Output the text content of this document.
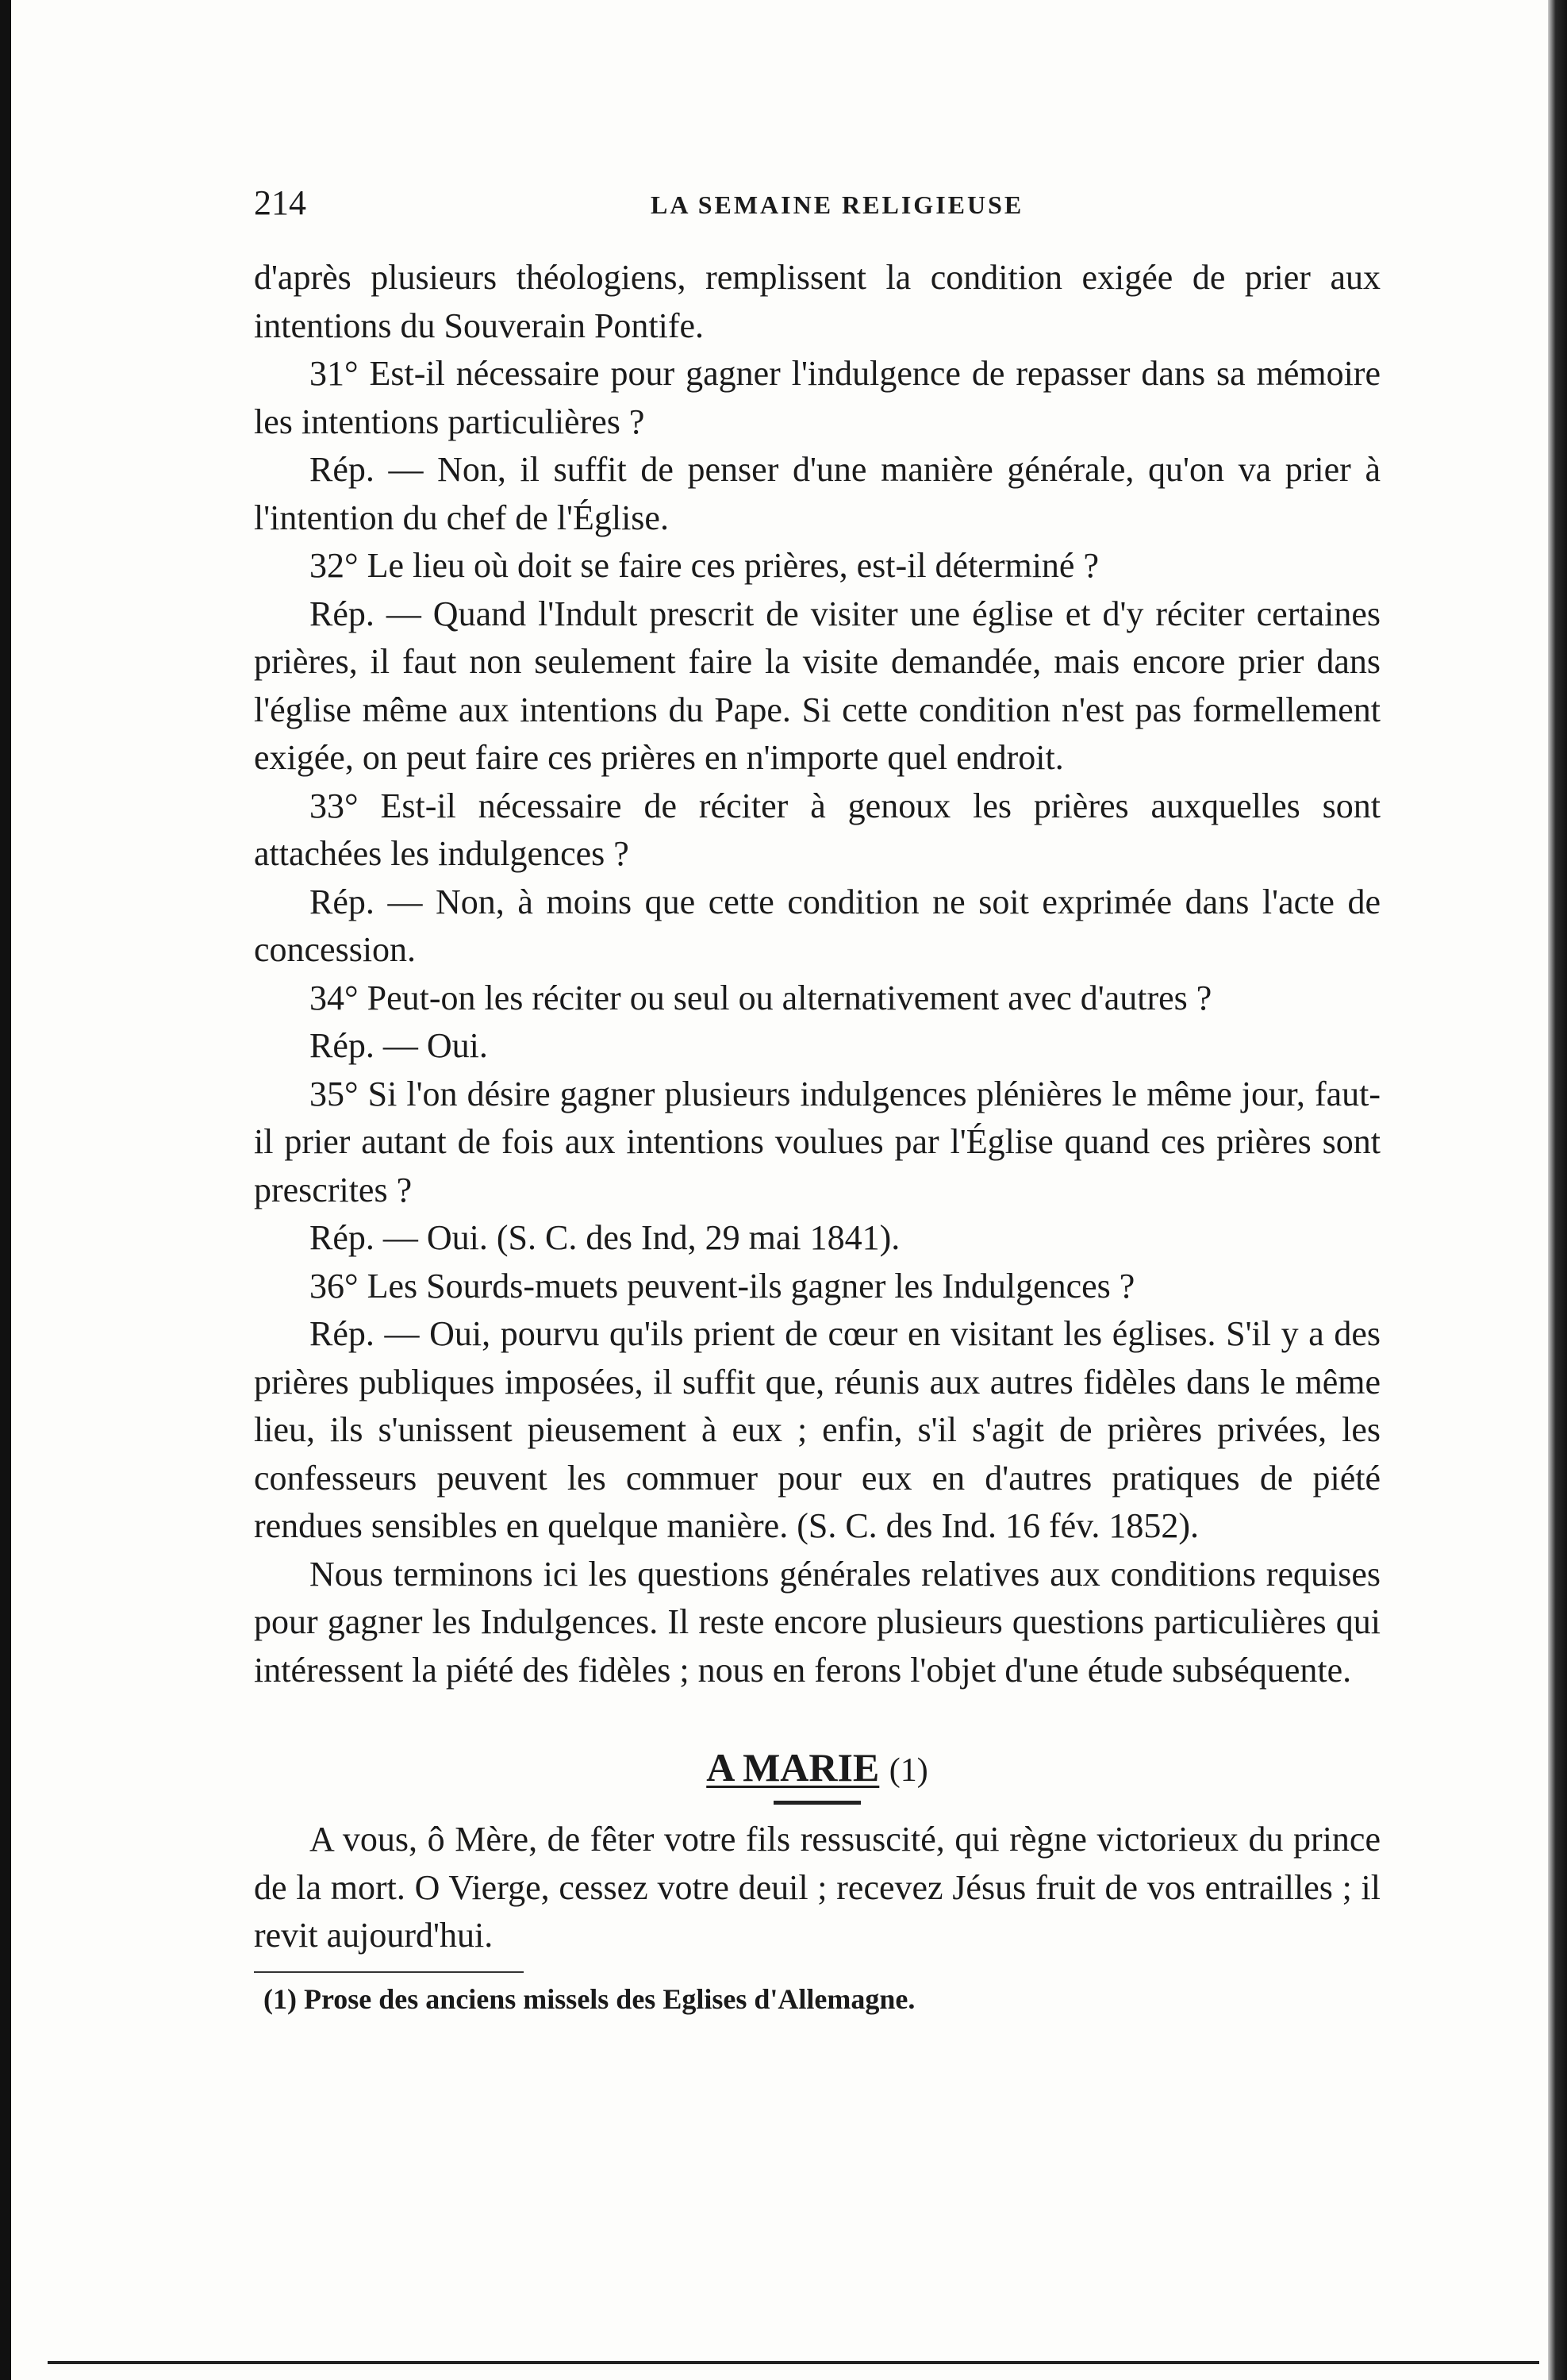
214	LA SEMAINE RELIGIEUSE

d'après plusieurs théologiens, remplissent la condition exigée de prier aux intentions du Souverain Pontife.

31° Est-il nécessaire pour gagner l'indulgence de repasser dans sa mémoire les intentions particulières ?

Rép. — Non, il suffit de penser d'une manière générale, qu'on va prier à l'intention du chef de l'Église.

32° Le lieu où doit se faire ces prières, est-il déterminé ?

Rép. — Quand l'Indult prescrit de visiter une église et d'y réciter certaines prières, il faut non seulement faire la visite demandée, mais encore prier dans l'église même aux intentions du Pape. Si cette condition n'est pas formellement exigée, on peut faire ces prières en n'importe quel endroit.

33° Est-il nécessaire de réciter à genoux les prières auxquelles sont attachées les indulgences ?

Rép. — Non, à moins que cette condition ne soit exprimée dans l'acte de concession.

34° Peut-on les réciter ou seul ou alternativement avec d'autres ?

Rép. — Oui.

35° Si l'on désire gagner plusieurs indulgences plénières le même jour, faut-il prier autant de fois aux intentions voulues par l'Église quand ces prières sont prescrites ?

Rép. — Oui. (S. C. des Ind, 29 mai 1841).

36° Les Sourds-muets peuvent-ils gagner les Indulgences ?

Rép. — Oui, pourvu qu'ils prient de cœur en visitant les églises. S'il y a des prières publiques imposées, il suffit que, réunis aux autres fidèles dans le même lieu, ils s'unissent pieusement à eux ; enfin, s'il s'agit de prières privées, les confesseurs peuvent les commuer pour eux en d'autres pratiques de piété rendues sensibles en quelque manière. (S. C. des Ind. 16 fév. 1852).

Nous terminons ici les questions générales relatives aux conditions requises pour gagner les Indulgences. Il reste encore plusieurs questions particulières qui intéressent la piété des fidèles ; nous en ferons l'objet d'une étude subséquente.

A MARIE (1)

A vous, ô Mère, de fêter votre fils ressuscité, qui règne victorieux du prince de la mort. O Vierge, cessez votre deuil ; recevez Jésus fruit de vos entrailles ; il revit aujourd'hui.

(1) Prose des anciens missels des Eglises d'Allemagne.
